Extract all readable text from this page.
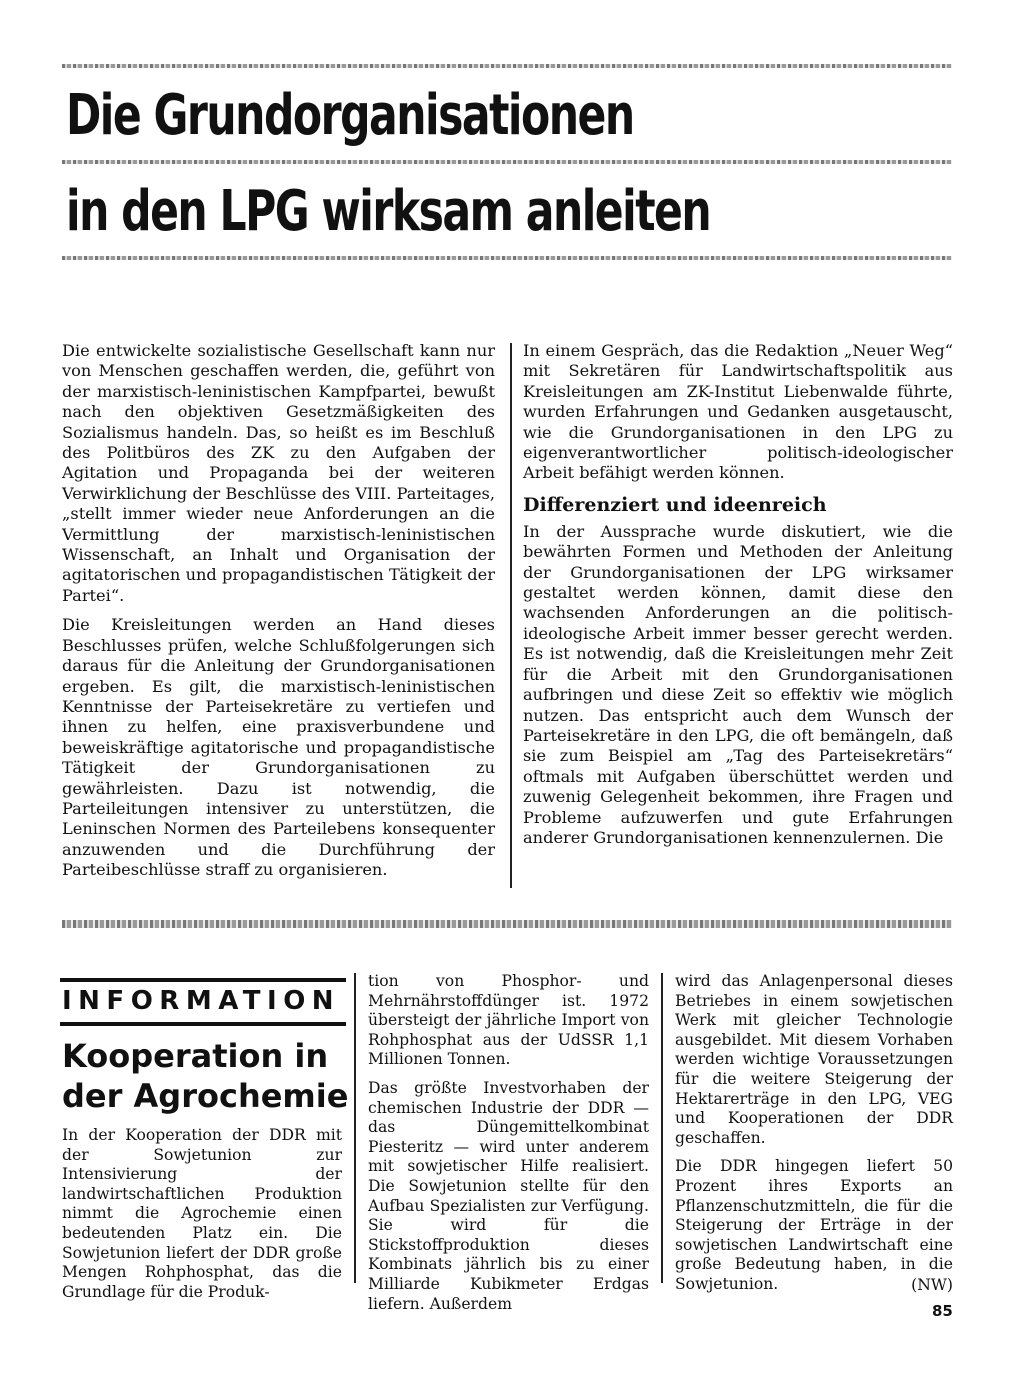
Die Grundorganisationen
in den LPG wirksam anleiten

Die entwickelte sozialistische Gesellschaft kann nur von Menschen geschaffen werden, die, geführt von der marxistisch-leninistischen Kampfpartei, bewußt nach den objektiven Gesetzmäßigkeiten des Sozialismus handeln. Das, so heißt es im Beschluß des Politbüros des ZK zu den Aufgaben der Agitation und Propaganda bei der weiteren Verwirklichung der Beschlüsse des VIII. Parteitages, „stellt immer wieder neue Anforderungen an die Vermittlung der marxistisch-leninistischen Wissenschaft, an Inhalt und Organisation der agitatorischen und propagandistischen Tätigkeit der Partei“.

Die Kreisleitungen werden an Hand dieses Beschlusses prüfen, welche Schlußfolgerungen sich daraus für die Anleitung der Grundorganisationen ergeben. Es gilt, die marxistisch-leninistischen Kenntnisse der Parteisekretäre zu vertiefen und ihnen zu helfen, eine praxisverbundene und beweiskräftige agitatorische und propagandistische Tätigkeit der Grundorganisationen zu gewährleisten. Dazu ist notwendig, die Parteileitungen intensiver zu unterstützen, die Leninschen Normen des Parteilebens konsequenter anzuwenden und die Durchführung der Parteibeschlüsse straff zu organisieren.

In einem Gespräch, das die Redaktion „Neuer Weg“ mit Sekretären für Landwirtschaftspolitik aus Kreisleitungen am ZK-Institut Liebenwalde führte, wurden Erfahrungen und Gedanken ausgetauscht, wie die Grundorganisationen in den LPG zu eigenverantwortlicher politisch-ideologischer Arbeit befähigt werden können.

Differenziert und ideenreich

In der Aussprache wurde diskutiert, wie die bewährten Formen und Methoden der Anleitung der Grundorganisationen der LPG wirksamer gestaltet werden können, damit diese den wachsenden Anforderungen an die politisch-ideologische Arbeit immer besser gerecht werden. Es ist notwendig, daß die Kreisleitungen mehr Zeit für die Arbeit mit den Grundorganisationen aufbringen und diese Zeit so effektiv wie möglich nutzen. Das entspricht auch dem Wunsch der Parteisekretäre in den LPG, die oft bemängeln, daß sie zum Beispiel am „Tag des Parteisekretärs“ oftmals mit Aufgaben überschüttet werden und zuwenig Gelegenheit bekommen, ihre Fragen und Probleme aufzuwerfen und gute Erfahrungen anderer Grundorganisationen kennenzulernen. Die

INFORMATION
Kooperation in der Agrochemie

In der Kooperation der DDR mit der Sowjetunion zur Intensivierung der landwirtschaftlichen Produktion nimmt die Agrochemie einen bedeutenden Platz ein. Die Sowjetunion liefert der DDR große Mengen Rohphosphat, das die Grundlage für die Produk-

tion von Phosphor- und Mehrnährstoffdünger ist. 1972 übersteigt der jährliche Import von Rohphosphat aus der UdSSR 1,1 Millionen Tonnen.

Das größte Investvorhaben der chemischen Industrie der DDR — das Düngemittelkombinat Piesteritz — wird unter anderem mit sowjetischer Hilfe realisiert. Die Sowjetunion stellte für den Aufbau Spezialisten zur Verfügung. Sie wird für die Stickstoffproduktion dieses Kombinats jährlich bis zu einer Milliarde Kubikmeter Erdgas liefern. Außerdem

wird das Anlagenpersonal dieses Betriebes in einem sowjetischen Werk mit gleicher Technologie ausgebildet. Mit diesem Vorhaben werden wichtige Voraussetzungen für die weitere Steigerung der Hektarerträge in den LPG, VEG und Kooperationen der DDR geschaffen.

Die DDR hingegen liefert 50 Prozent ihres Exports an Pflanzenschutzmitteln, die für die Steigerung der Erträge in der sowjetischen Landwirtschaft eine große Bedeutung haben, in die Sowjetunion.	(NW)
85
